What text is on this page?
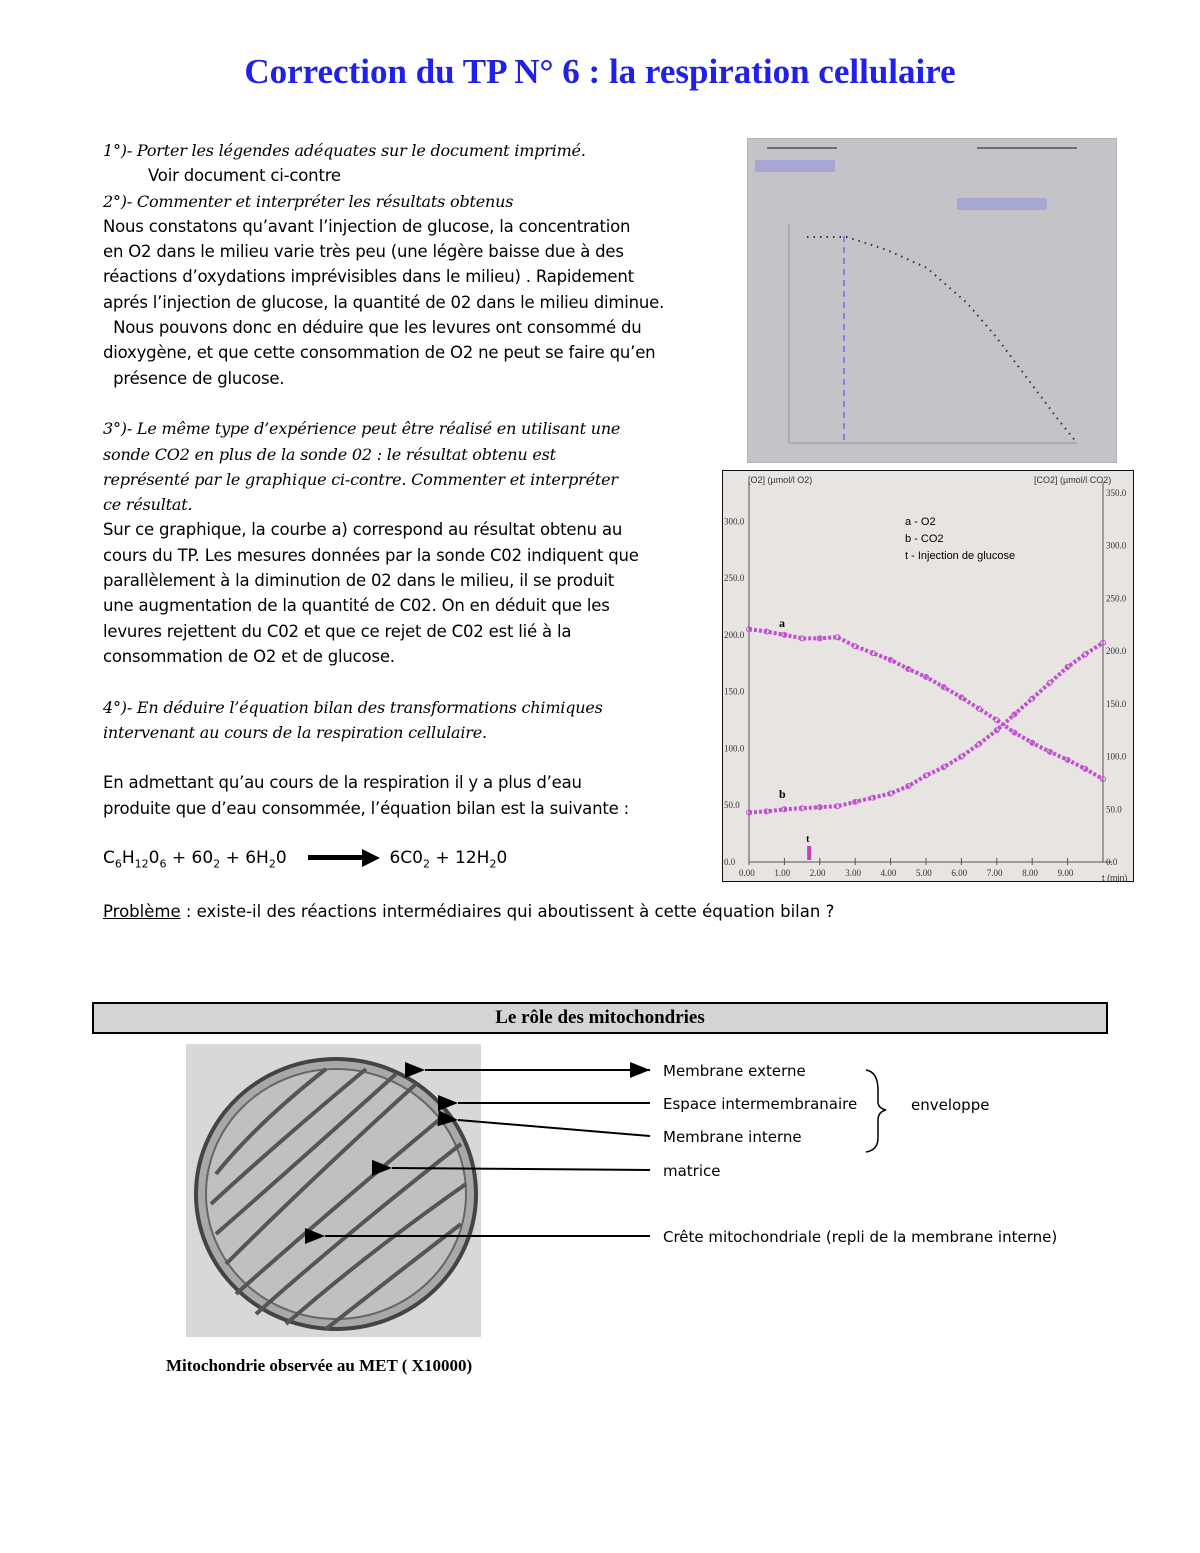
Correction du TP N° 6 : la respiration cellulaire
1°)- Porter les légendes adéquates sur le document imprimé.
Voir document ci-contre
2°)- Commenter et interpréter les résultats obtenus
Nous constatons qu’avant l’injection de glucose, la concentration
en O2 dans le milieu varie très peu (une légère baisse due à des
réactions d’oxydations imprévisibles dans le milieu) . Rapidement
aprés l’injection de glucose, la quantité de 02 dans le milieu diminue.
Nous pouvons donc en déduire que les levures ont consommé du
dioxygène, et que cette consommation de O2 ne peut se faire qu’en
présence de glucose.

3°)- Le même type d’expérience peut être réalisé en utilisant une
sonde CO2 en plus de la sonde 02 : le résultat obtenu est
représenté par le graphique ci-contre. Commenter et interpréter
ce résultat.
Sur ce graphique, la courbe a) correspond au résultat obtenu au
cours du TP. Les mesures données par la sonde C02 indiquent que
parallèlement à la diminution de 02 dans le milieu, il se produit
une augmentation de la quantité de C02. On en déduit que les
levures rejettent du C02 et que ce rejet de C02 est lié à la
consommation de O2 et de glucose.

4°)- En déduire l’équation bilan des transformations chimiques
intervenant au cours de la respiration cellulaire.

En admettant qu’au cours de la respiration il y a plus d’eau
produite que d’eau consommée, l’équation bilan est la suivante :
$C_6H_{12}0_6 + 60_2 + 6H_20$	$6C0_2 + 12H_20$
Problème : existe-il des réactions intermédiaires qui aboutissent à cette équation bilan ?
[O2] (µmol/l O2)	[CO2] (µmol/l CO2)
t (min)
a - O2
b - CO2
t - Injection de glucose
a
b
0.00 1.00 2.00 3.00 4.00 5.00 6.00 7.00 8.00 9.00
0.0
50.0
100.0
150.0
200.0
250.0
300.0
0.0
50.0
100.0
150.0
200.0
250.0
300.0
350.0
t
Le rôle des mitochondries
Membrane externe
Espace intermembranaire
Membrane interne
matrice
Crête mitochondriale (repli de la membrane interne)
enveloppe
Mitochondrie observée au MET ( X10000)
